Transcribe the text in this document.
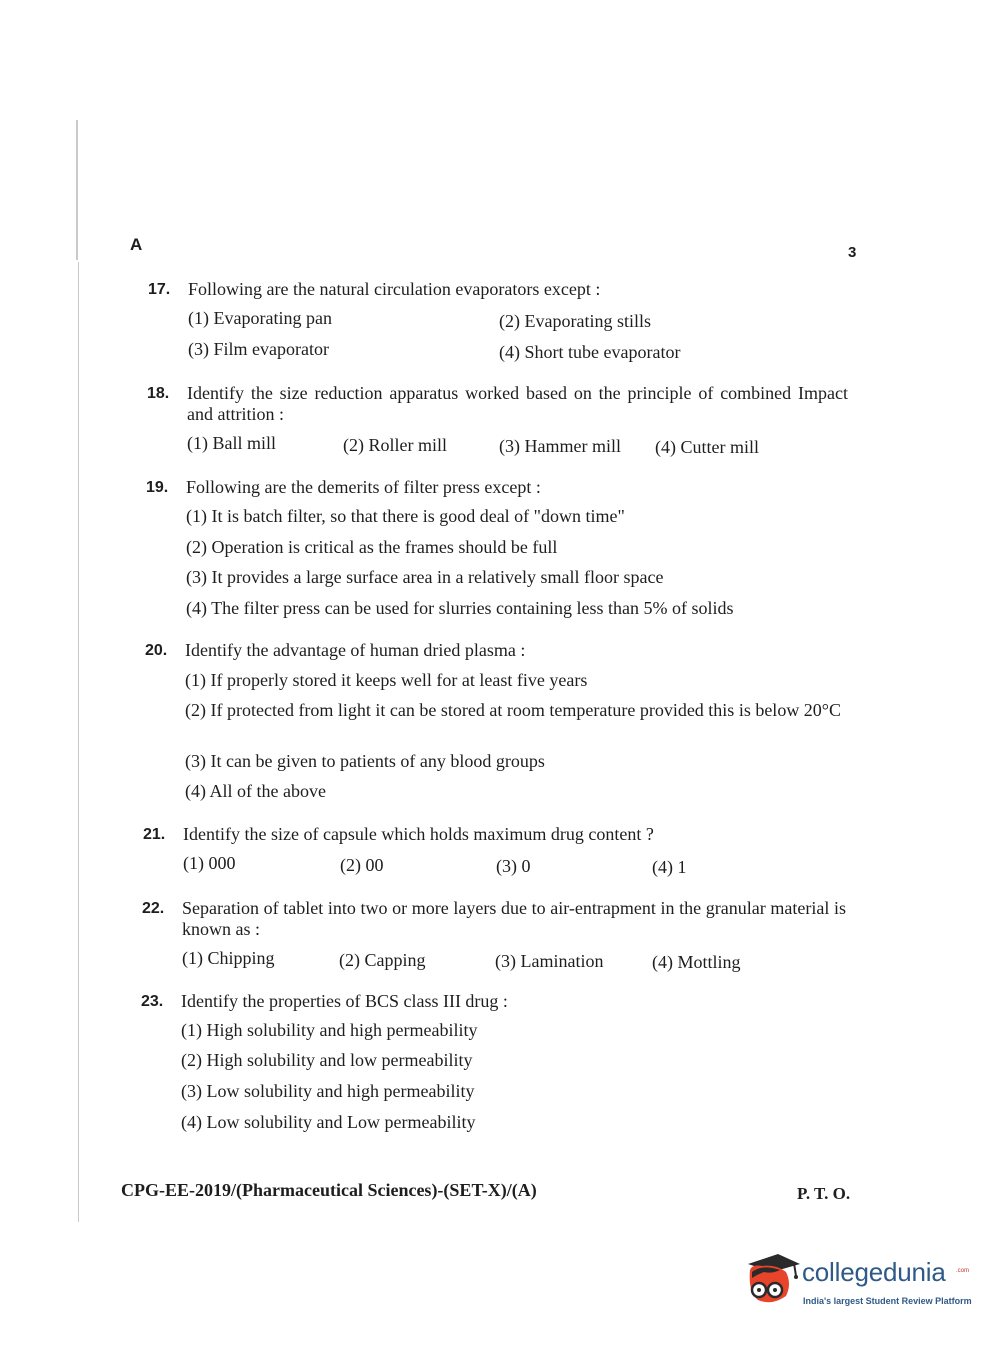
A	3
17. Following are the natural circulation evaporators except :
(1) Evaporating pan	(2) Evaporating stills
(3) Film evaporator	(4) Short tube evaporator
18. Identify the size reduction apparatus worked based on the principle of combined Impact and attrition :
(1) Ball mill	(2) Roller mill	(3) Hammer mill (4) Cutter mill
19. Following are the demerits of filter press except :
(1) It is batch filter, so that there is good deal of "down time"
(2) Operation is critical as the frames should be full
(3) It provides a large surface area in a relatively small floor space
(4) The filter press can be used for slurries containing less than 5% of solids
20. Identify the advantage of human dried plasma :
(1) If properly stored it keeps well for at least five years
(2) If protected from light it can be stored at room temperature provided this is below 20°C
(3) It can be given to patients of any blood groups
(4) All of the above
21. Identify the size of capsule which holds maximum drug content ?
(1) 000	(2) 00	(3) 0	(4) 1
22. Separation of tablet into two or more layers due to air-entrapment in the granular material is known as :
(1) Chipping	(2) Capping	(3) Lamination	(4) Mottling
23. Identify the properties of BCS class III drug :
(1) High solubility and high permeability
(2) High solubility and low permeability
(3) Low solubility and high permeability
(4) Low solubility and Low permeability
CPG-EE-2019/(Pharmaceutical Sciences)-(SET-X)/(A)	P. T. O.
collegedunia .com
India's largest Student Review Platform
